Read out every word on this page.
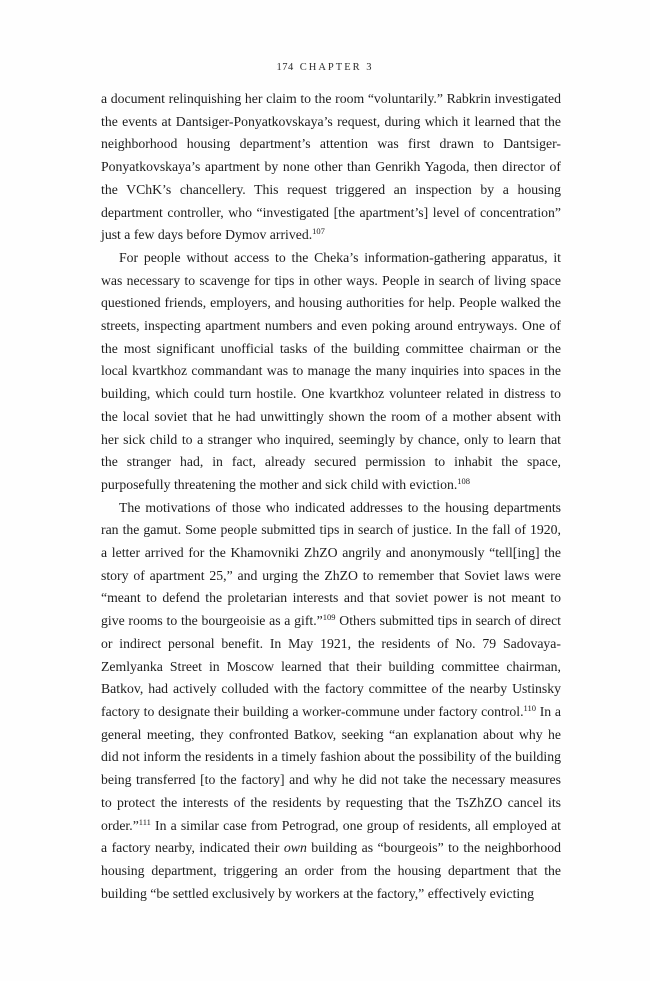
174 CHAPTER 3

a document relinquishing her claim to the room “voluntarily.” Rabkrin investigated the events at Dantsiger-Ponyatkovskaya’s request, during which it learned that the neighborhood housing department’s attention was first drawn to Dantsiger-Ponyatkovskaya’s apartment by none other than Genrikh Yagoda, then director of the VChK’s chancellery. This request triggered an inspection by a housing department controller, who “investigated [the apartment’s] level of concentration” just a few days before Dymov arrived.$^{107}$

For people without access to the Cheka’s information-gathering apparatus, it was necessary to scavenge for tips in other ways. People in search of living space questioned friends, employers, and housing authorities for help. People walked the streets, inspecting apartment numbers and even poking around entryways. One of the most significant unofficial tasks of the building committee chairman or the local kvartkhoz commandant was to manage the many inquiries into spaces in the building, which could turn hostile. One kvartkhoz volunteer related in distress to the local soviet that he had unwittingly shown the room of a mother absent with her sick child to a stranger who inquired, seemingly by chance, only to learn that the stranger had, in fact, already secured permission to inhabit the space, purposefully threatening the mother and sick child with eviction.$^{108}$

The motivations of those who indicated addresses to the housing departments ran the gamut. Some people submitted tips in search of justice. In the fall of 1920, a letter arrived for the Khamovniki ZhZO angrily and anonymously “tell[ing] the story of apartment 25,” and urging the ZhZO to remember that Soviet laws were “meant to defend the proletarian interests and that soviet power is not meant to give rooms to the bourgeoisie as a gift.”$^{109}$ Others submitted tips in search of direct or indirect personal benefit. In May 1921, the residents of No. 79 Sadovaya-Zemlyanka Street in Moscow learned that their building committee chairman, Batkov, had actively colluded with the factory committee of the nearby Ustinsky factory to designate their building a worker-commune under factory control.$^{110}$ In a general meeting, they confronted Batkov, seeking “an explanation about why he did not inform the residents in a timely fashion about the possibility of the building being transferred [to the factory] and why he did not take the necessary measures to protect the interests of the residents by requesting that the TsZhZO cancel its order.”$^{111}$ In a similar case from Petrograd, one group of residents, all employed at a factory nearby, indicated their own building as “bourgeois” to the neighborhood housing department, triggering an order from the housing department that the building “be settled exclusively by workers at the factory,” effectively evicting
